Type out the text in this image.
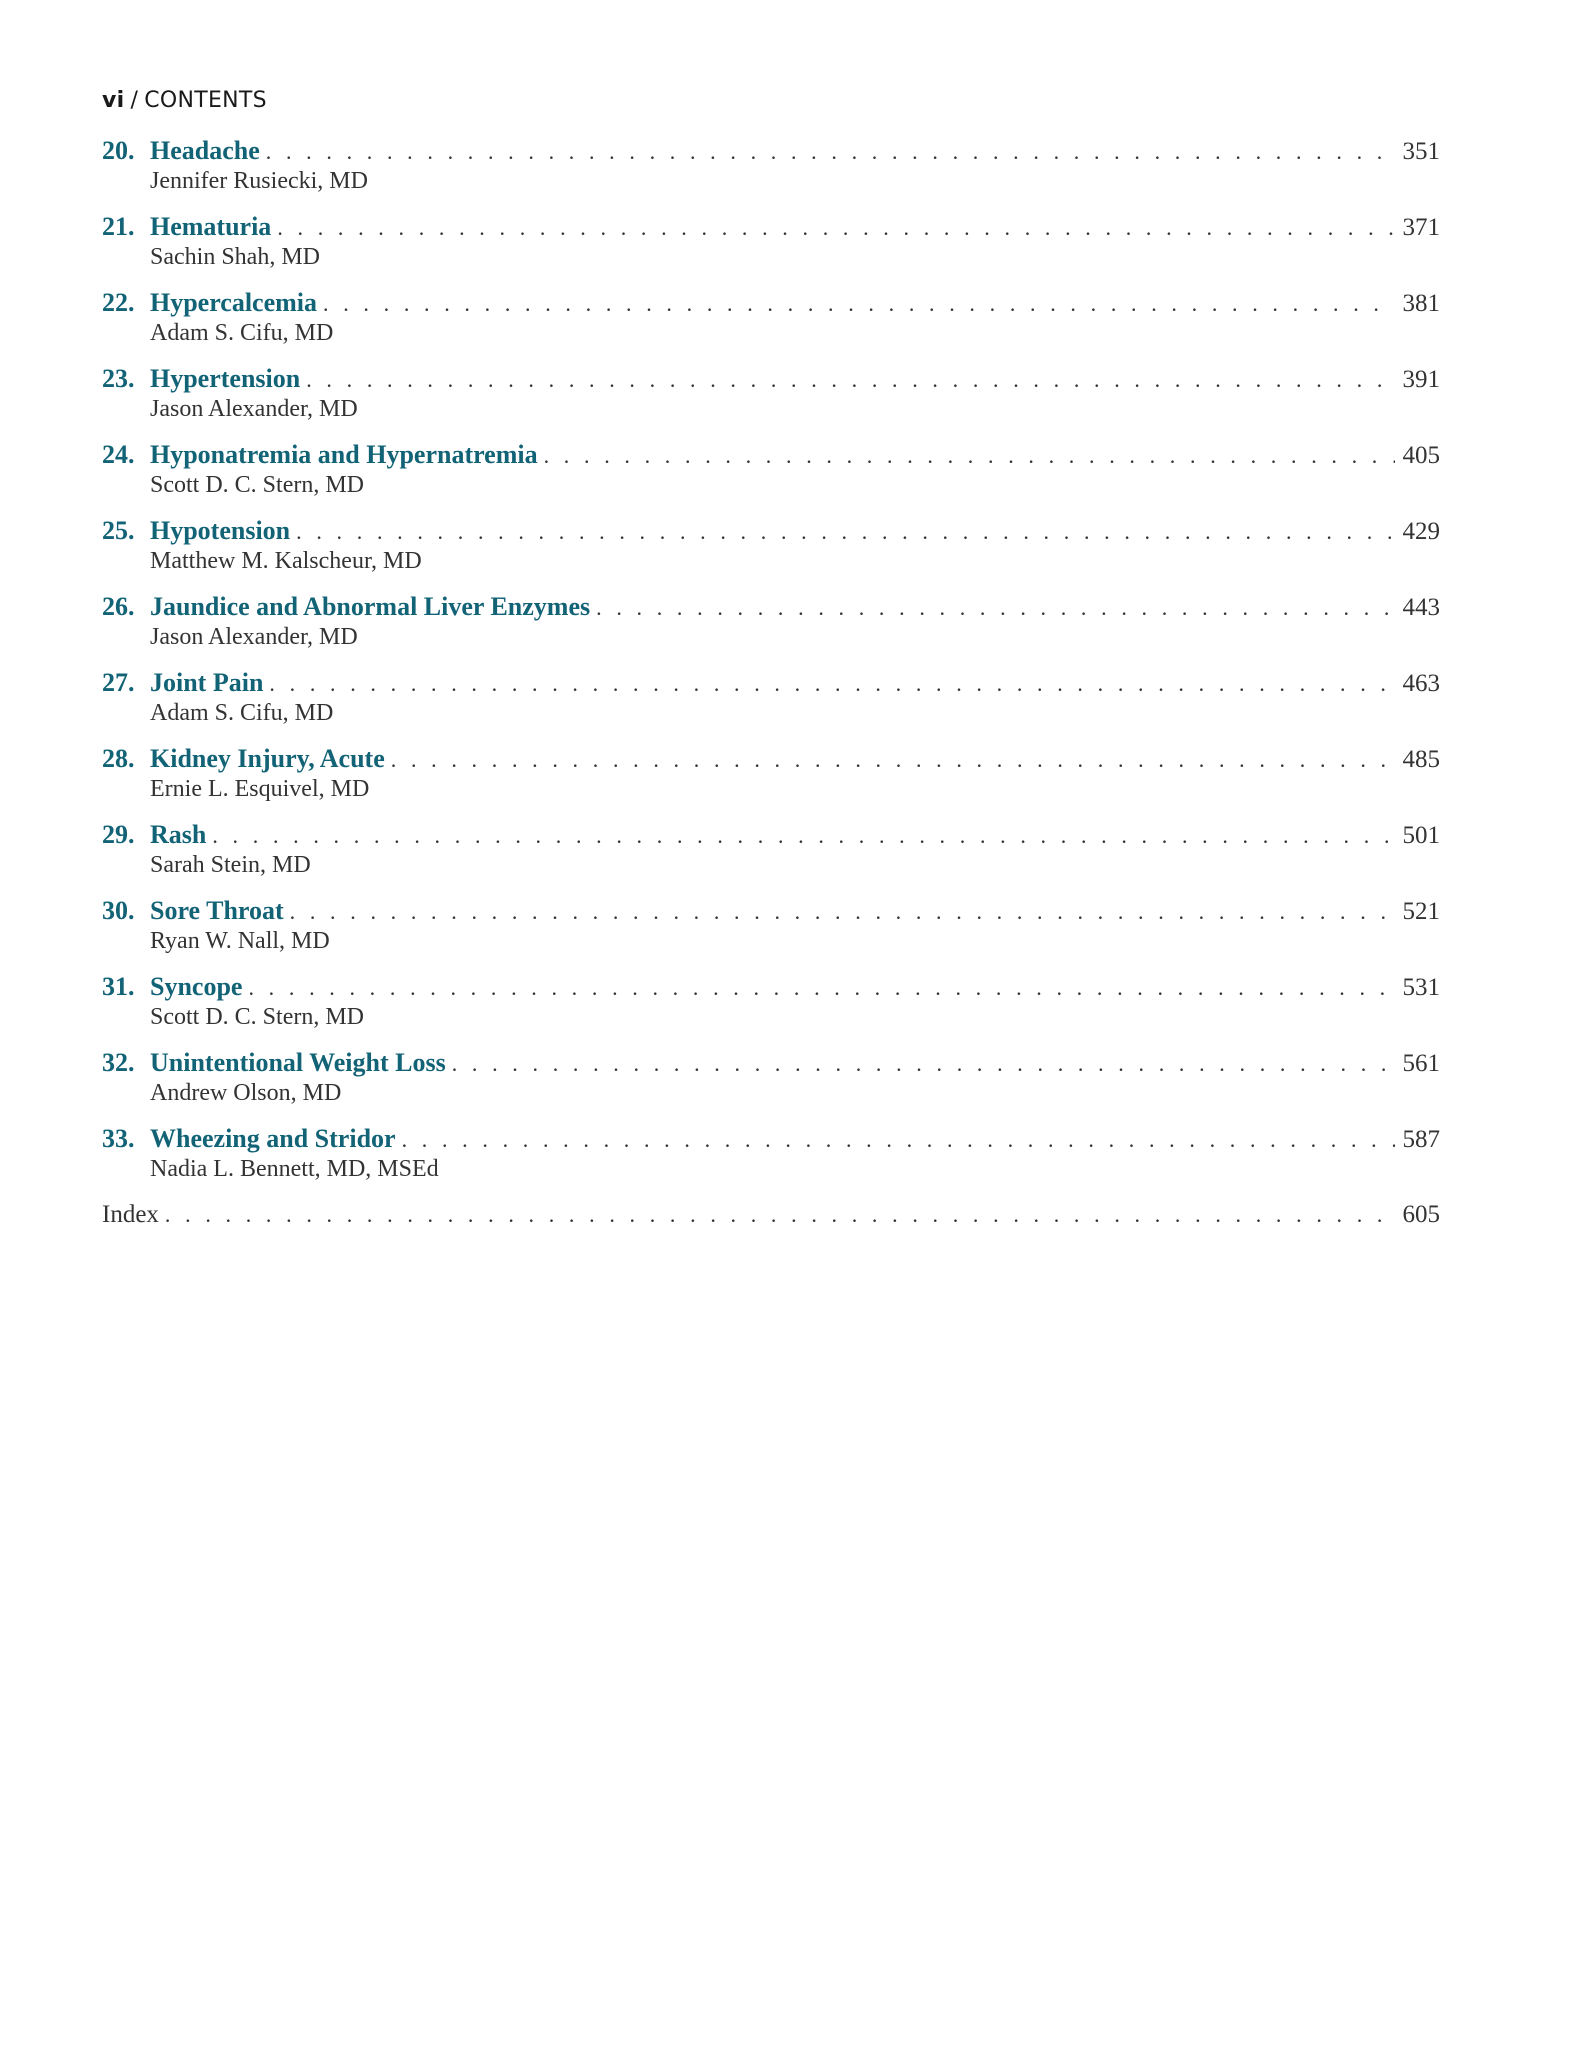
vi / CONTENTS
20. Headache . . .	351
Jennifer Rusiecki, MD
21. Hematuria . . .	371
Sachin Shah, MD
22. Hypercalcemia . . .	381
Adam S. Cifu, MD
23. Hypertension . . .	391
Jason Alexander, MD
24. Hyponatremia and Hypernatremia . . .	405
Scott D. C. Stern, MD
25. Hypotension . . .	429
Matthew M. Kalscheur, MD
26. Jaundice and Abnormal Liver Enzymes . . .	443
Jason Alexander, MD
27. Joint Pain . . .	463
Adam S. Cifu, MD
28. Kidney Injury, Acute . . .	485
Ernie L. Esquivel, MD
29. Rash . . .	501
Sarah Stein, MD
30. Sore Throat . . .	521
Ryan W. Nall, MD
31. Syncope . . .	531
Scott D. C. Stern, MD
32. Unintentional Weight Loss . . .	561
Andrew Olson, MD
33. Wheezing and Stridor . . .	587
Nadia L. Bennett, MD, MSEd
Index . . .	605
